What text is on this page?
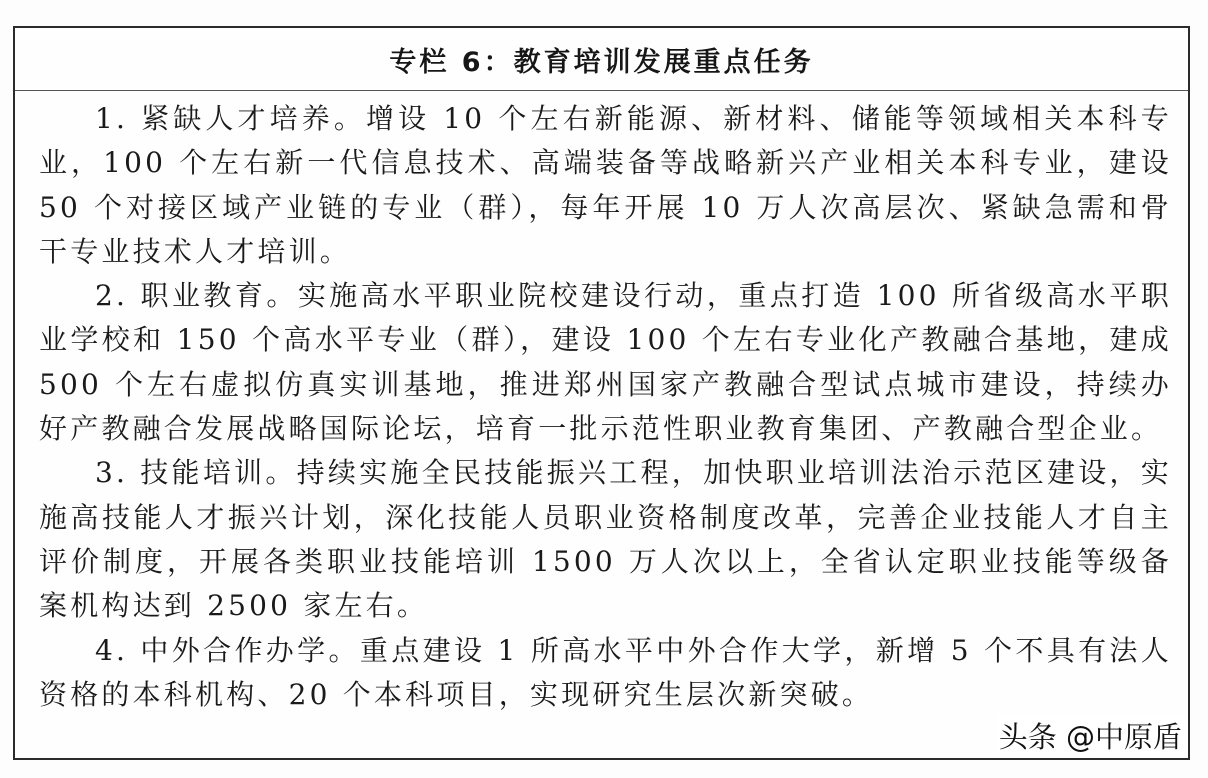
专栏 6：教育培训发展重点任务

1. 紧缺人才培养。增设 10 个左右新能源、新材料、储能等领域相关本科专业，100 个左右新一代信息技术、高端装备等战略新兴产业相关本科专业，建设 50 个对接区域产业链的专业（群），每年开展 10 万人次高层次、紧缺急需和骨干专业技术人才培训。

2. 职业教育。实施高水平职业院校建设行动，重点打造 100 所省级高水平职业学校和 150 个高水平专业（群），建设 100 个左右专业化产教融合基地，建成 500 个左右虚拟仿真实训基地，推进郑州国家产教融合型试点城市建设，持续办好产教融合发展战略国际论坛，培育一批示范性职业教育集团、产教融合型企业。

3. 技能培训。持续实施全民技能振兴工程，加快职业培训法治示范区建设，实施高技能人才振兴计划，深化技能人员职业资格制度改革，完善企业技能人才自主评价制度，开展各类职业技能培训 1500 万人次以上，全省认定职业技能等级备案机构达到 2500 家左右。

4. 中外合作办学。重点建设 1 所高水平中外合作大学，新增 5 个不具有法人资格的本科机构、20 个本科项目，实现研究生层次新突破。

头条 @中原盾
